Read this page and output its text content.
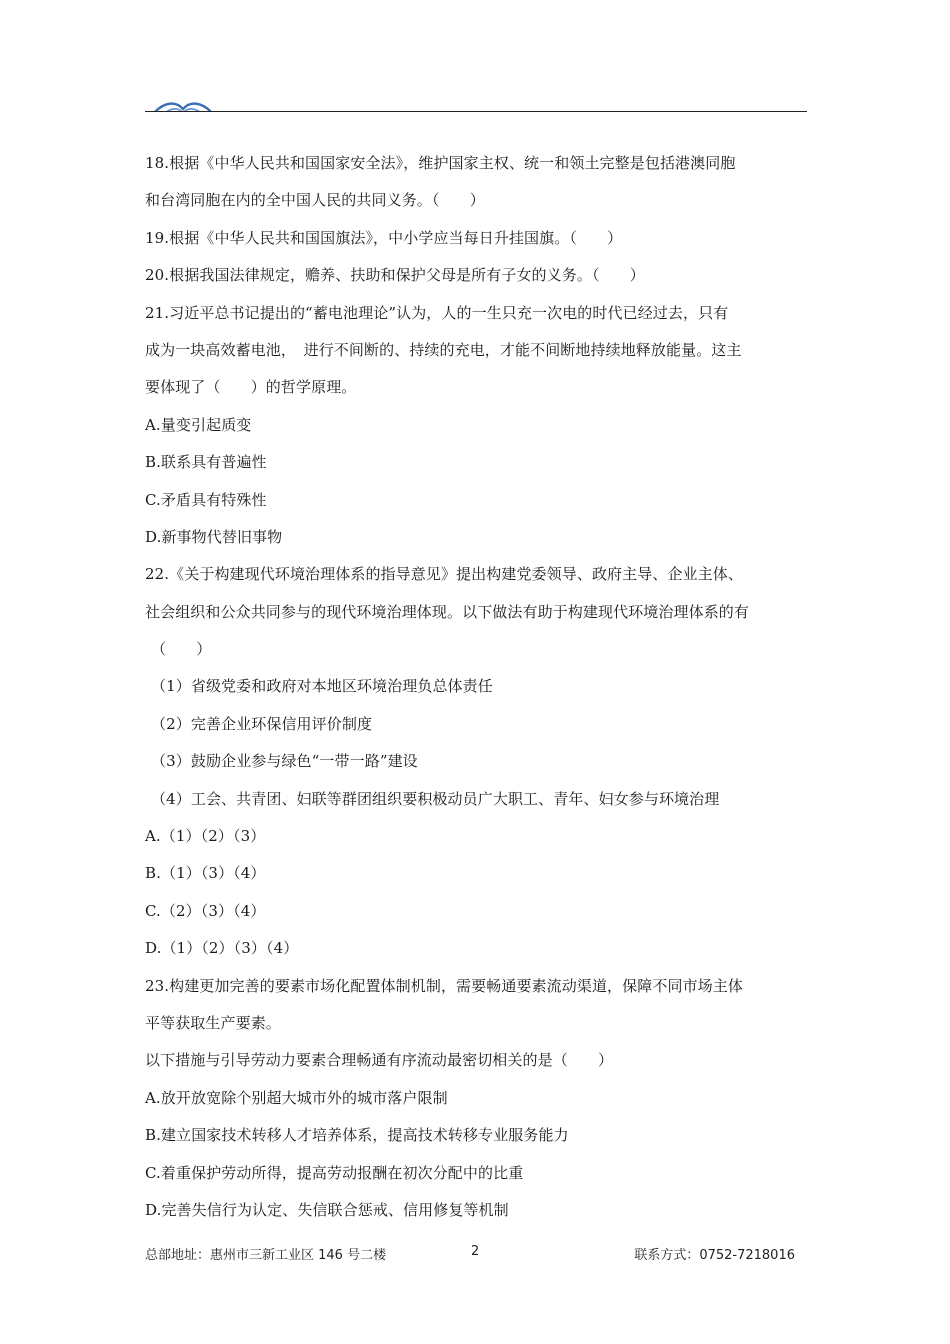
18.根据《中华人民共和国国家安全法》，维护国家主权、统一和领土完整是包括港澳同胞
和台湾同胞在内的全中国人民的共同义务。（　　）
19.根据《中华人民共和国国旗法》，中小学应当每日升挂国旗。（　　）
20.根据我国法律规定，赡养、扶助和保护父母是所有子女的义务。（　　）
21.习近平总书记提出的“蓄电池理论”认为，人的一生只充一次电的时代已经过去，只有
成为一块高效蓄电池，　进行不间断的、持续的充电，才能不间断地持续地释放能量。这主
要体现了（　　）的哲学原理。
A.量变引起质变
B.联系具有普遍性
C.矛盾具有特殊性
D.新事物代替旧事物
22.《关于构建现代环境治理体系的指导意见》提出构建党委领导、政府主导、企业主体、
社会组织和公众共同参与的现代环境治理体现。以下做法有助于构建现代环境治理体系的有
（　　）
（1）省级党委和政府对本地区环境治理负总体责任
（2）完善企业环保信用评价制度
（3）鼓励企业参与绿色“一带一路”建设
（4）工会、共青团、妇联等群团组织要积极动员广大职工、青年、妇女参与环境治理
A.（1）（2）（3）
B.（1）（3）（4）
C.（2）（3）（4）
D.（1）（2）（3）（4）
23.构建更加完善的要素市场化配置体制机制，需要畅通要素流动渠道，保障不同市场主体
平等获取生产要素。
以下措施与引导劳动力要素合理畅通有序流动最密切相关的是（　　）
A.放开放宽除个别超大城市外的城市落户限制
B.建立国家技术转移人才培养体系，提高技术转移专业服务能力
C.着重保护劳动所得，提高劳动报酬在初次分配中的比重
D.完善失信行为认定、失信联合惩戒、信用修复等机制
总部地址：惠州市三新工业区 146 号二楼	2	联系方式：0752-7218016
